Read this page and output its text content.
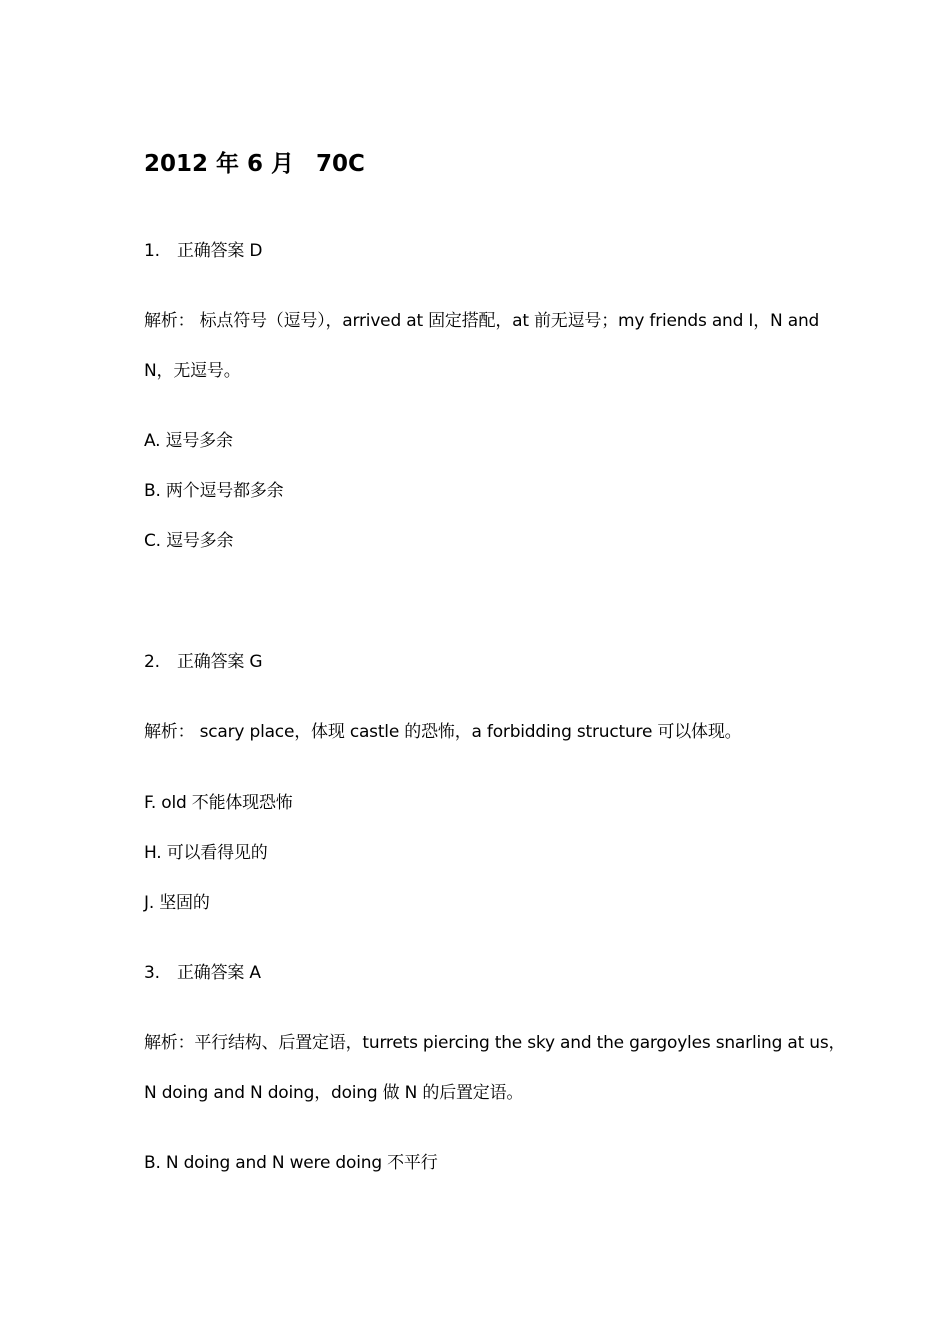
2012 年 6 月 70C
1. 正确答案 D
解析： 标点符号（逗号），arrived at 固定搭配，at 前无逗号；my friends and I，N and
N，无逗号。
A. 逗号多余
B. 两个逗号都多余
C. 逗号多余
2. 正确答案 G
解析： scary place，体现 castle 的恐怖，a forbidding structure 可以体现。
F. old 不能体现恐怖
H. 可以看得见的
J. 坚固的
3. 正确答案 A
解析：平行结构、后置定语，turrets piercing the sky and the gargoyles snarling at us，
N doing and N doing，doing 做 N 的后置定语。
B. N doing and N were doing 不平行
